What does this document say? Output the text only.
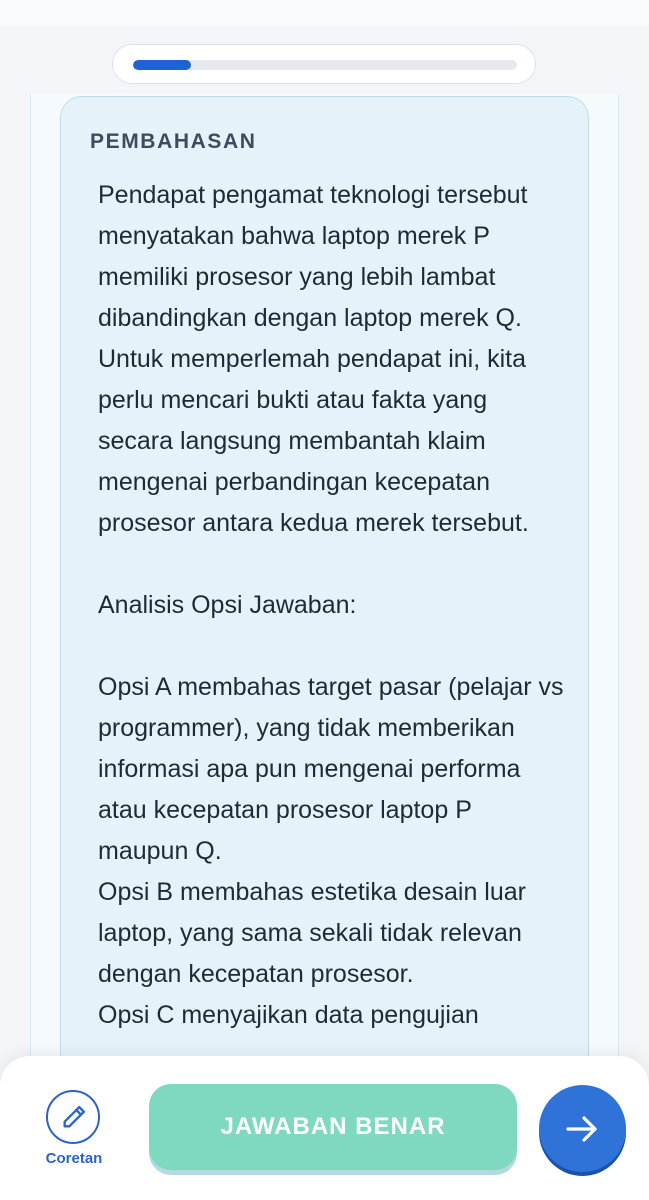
PEMBAHASAN

Pendapat pengamat teknologi tersebut menyatakan bahwa laptop merek P memiliki prosesor yang lebih lambat dibandingkan dengan laptop merek Q. Untuk memperlemah pendapat ini, kita perlu mencari bukti atau fakta yang secara langsung membantah klaim mengenai perbandingan kecepatan prosesor antara kedua merek tersebut.

Analisis Opsi Jawaban:

Opsi A membahas target pasar (pelajar vs programmer), yang tidak memberikan informasi apa pun mengenai performa atau kecepatan prosesor laptop P maupun Q.

Opsi B membahas estetika desain luar laptop, yang sama sekali tidak relevan dengan kecepatan prosesor.

Opsi C menyajikan data pengujian

Coretan
JAWABAN BENAR
